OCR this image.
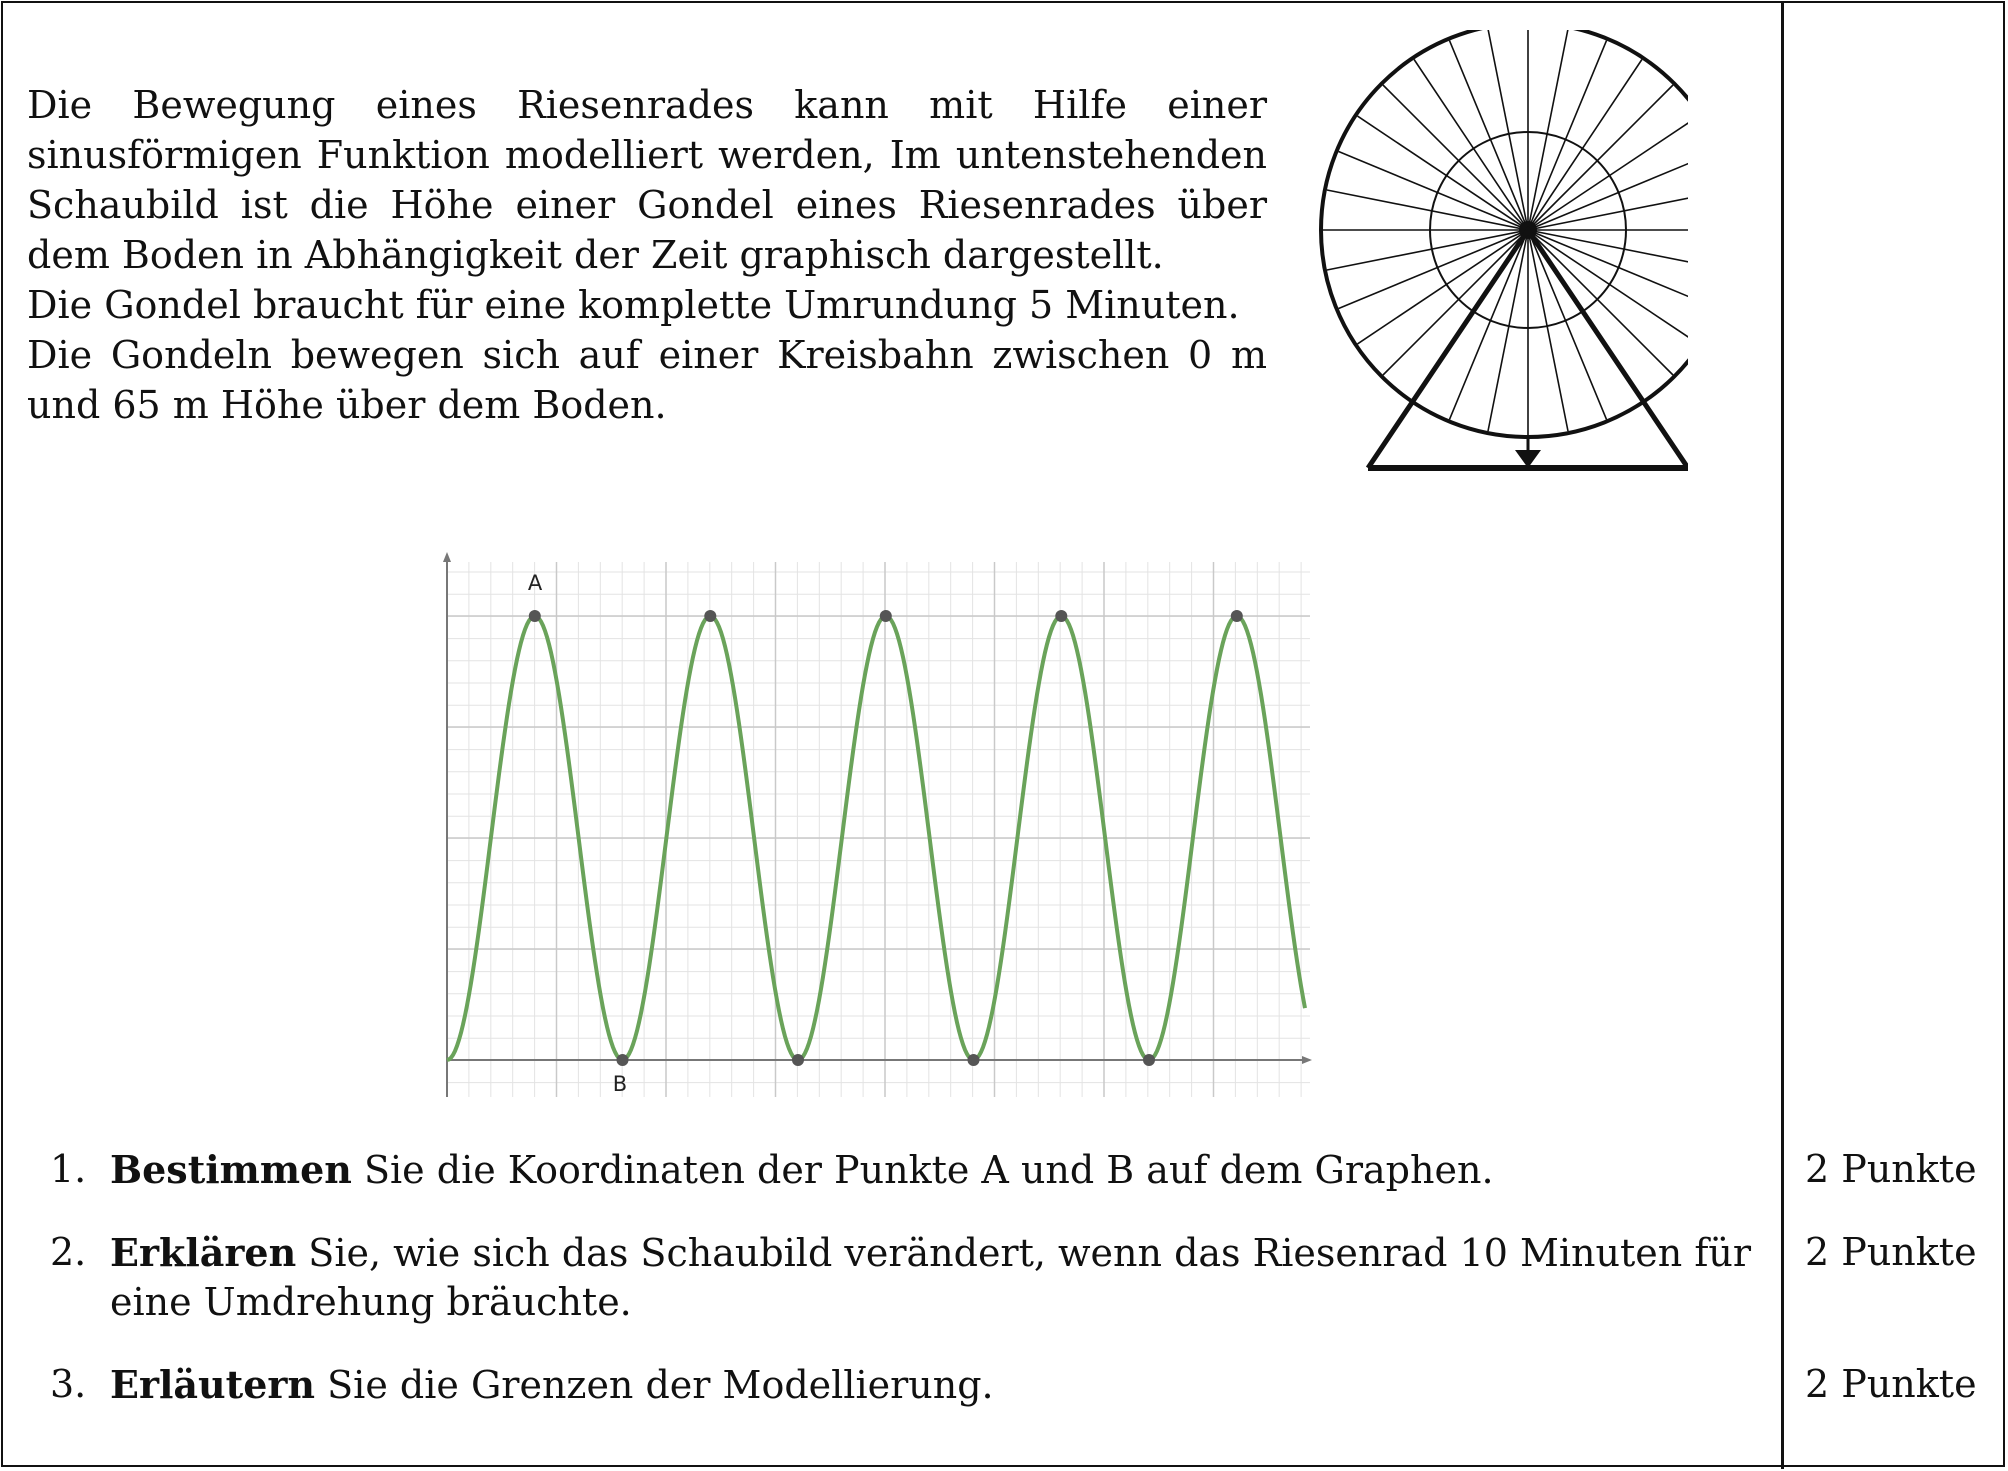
Die Bewegung eines Riesenrades kann mit Hilfe einer sinusförmigen Funktion modelliert werden, Im untenstehenden Schaubild ist die Höhe einer Gondel eines Riesenrades über dem Boden in Abhängigkeit der Zeit graphisch dargestellt.

Die Gondel braucht für eine komplette Umrundung 5 Minuten.

Die Gondeln bewegen sich auf einer Kreisbahn zwischen 0 m und 65 m Höhe über dem Boden.

A
B
1. Bestimmen Sie die Koordinaten der Punkte A und B auf dem Graphen.
2. Erklären Sie, wie sich das Schaubild verändert, wenn das Riesenrad 10 Minuten für eine Umdrehung bräuchte.
3. Erläutern Sie die Grenzen der Modellierung.
2 Punkte
2 Punkte
2 Punkte
